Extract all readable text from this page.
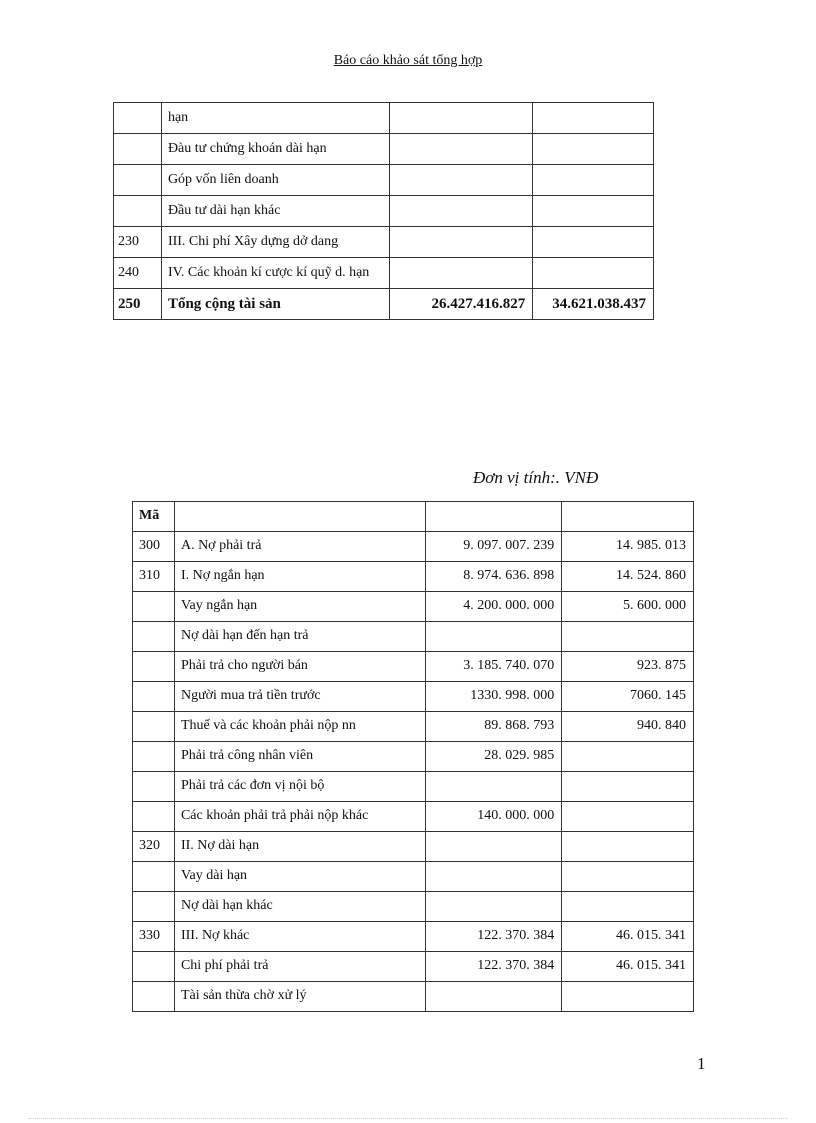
Báo cáo khảo sát tổng hợp
	hạn		
	Đàu tư chứng khoán dài hạn		
	Góp vốn liên doanh		
	Đầu tư dài hạn khác		
230	III. Chi phí Xây dựng dở dang		
240	IV. Các khoản kí cược kí quỹ d. hạn		
250	Tổng cộng tài sản	26.427.416.827	34.621.038.437
Đơn vị tính:. VNĐ
Mã			
300	A. Nợ phải trả	9. 097. 007. 239	14. 985. 013
310	I. Nợ ngắn hạn	8. 974. 636. 898	14. 524. 860
	Vay ngắn hạn	4. 200. 000. 000	5. 600. 000
	Nợ dài hạn đến hạn trả		
	Phải trả cho người bán	3. 185. 740. 070	923. 875
	Người mua trả tiền trước	1330. 998. 000	7060. 145
	Thuế và các khoản phải nộp nn	89. 868. 793	940. 840
	Phải trả công nhân viên	28. 029. 985	
	Phải trả các đơn vị nội bộ		
	Các khoản phải trả phải nộp khác	140. 000. 000	
320	II. Nợ dài hạn		
	Vay dài hạn		
	Nợ dài hạn khác		
330	III. Nợ khác	122. 370. 384	46. 015. 341
	Chi phí phải trả	122. 370. 384	46. 015. 341
	Tài sản thừa chờ xử lý		
1
